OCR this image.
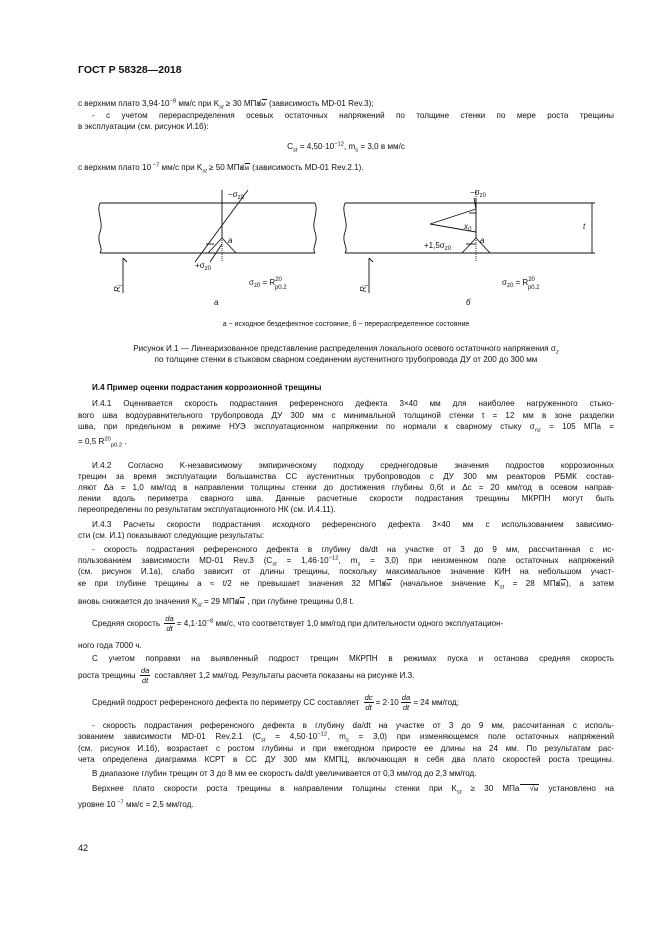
ГОСТ Р 58328—2018

с верхним плато $3,94\cdot 10^{-8}$ мм/с при $K_{st} \ge 30$ МПа√ м (зависимость MD-01 Rev.3);

- с учетом перераспределения осевых остаточных напряжений по толщине стенки по мере роста трещины

в эксплуатации (см. рисунок И.1б):

$C_{st} = 4,50\cdot 10^{-12}$, $m_s = 3,0$ в мм/с

с верхним плато 10 $^{-7}$ мм/с при $K_{st} \ge 50$ МПа√ м (зависимость MD-01 Rev.2.1).

$-\sigma_{z0}$
a
$+\sigma_{z0}$
$R_i$	$\sigma_{z0} = R^{20}$ p0.2
а
$-\sigma_{z0}$
$x_0$
$+1,5\sigma_{z0}$
a
$R_i$	$\sigma_{z0} = R^{20}$ p0.2
б
t
а − исходное бездефектное состояние, б − перераспределенное состояние
Рисунок И.1 — Линеаризованное представление распределения локального осевого остаточного напряжения $\sigma_z$
по толщине стенки в стыковом сварном соединении аустенитного трубопровода ДУ от 200 до 300 мм

И.4 Пример оценки подрастания коррозионной трещины

И.4.1 Оценивается скорость подрастания референсного дефекта 3×40 мм для наиболее нагруженного стыко-

вого шва водоуравнительного трубопровода ДУ 300 мм с минимальной толщиной стенки t = 12 мм в зоне разделки

шва, при предельном в режиме НУЭ эксплуатационном напряжении по нормали к сварному стыку $\sigma_{nz} = 105$ МПа =

= 0,5 $R^{20}_{p0.2}$ .

И.4.2 Согласно K-независимому эмпирическому подходу среднегодовые значения подростов коррозионных

трещин за время эксплуатации большинства СС аустенитных трубопроводов с ДУ 300 мм реакторов РБМК состав-

ляют Δa = 1,0 мм/год в направлении толщины стенки до достижения глубины 0,6t и Δc = 20 мм/год в осевом направ-

лении вдоль периметра сварного шва. Данные расчетные скорости подрастания трещины МКРПН могут быть

переопределены по результатам эксплуатационного НК (см. И.4.11).

И.4.3 Расчеты скорости подрастания исходного референсного дефекта 3×40 мм с использованием зависимо-

сти (см. И.1) показывают следующие результаты:

- скорость подрастания референсного дефекта в глубину da/dt на участке от 3 до 9 мм, рассчитанная с ис-

пользованием зависимости MD-01 Rev.3 ($C_{st} = 1,46\cdot 10^{-12}$, $m_s = 3,0$) при неизменном поле остаточных напряжений

(см. рисунок И.1а), слабо зависит от длины трещины, поскольку максимальное значение КИН на небольшом участ-

ке при глубине трещины a ≈ t/2 не превышает значения 32 МПа√ м (начальное значение $K_{st} = 28$ МПа√ м), а затем

вновь снижается до значения $K_{st} = 29$ МПа√ м , при глубине трещины 0,8 t.

Средняя скорость $\frac{da}{dt} = 4,1\cdot 10^{-8}$ мм/с, что соответствует 1,0 мм/год при длительности одного эксплуатацион-

ного года 7000 ч.

С учетом поправки на выявленный подрост трещин МКРПН в режимах пуска и останова средняя скорость

роста трещины $\frac{da}{dt}$ составляет 1,2 мм/год. Результаты расчета показаны на рисунке И.3.

Средний подрост референсного дефекта по периметру СС составляет $\frac{dc}{dt} = 2\cdot 10 \frac{da}{dt} = 24$ мм/год;

- скорость подрастания референсного дефекта в глубину da/dt на участке от 3 до 9 мм, рассчитанная с исполь-

зованием зависимости MD-01 Rev.2.1 ($C_{st} = 4,50\cdot 10^{-12}$, $m_s = 3,0$) при изменяющемся поле остаточных напряжений

(см. рисунок И.1б), возрастает с ростом глубины и при ежегодном приросте ее длины на 24 мм. По результатам рас-

чета определена диаграмма КСРТ в СС ДУ 300 мм КМПЦ, включающая в себя два плато скоростей роста трещины.

В диапазоне глубин трещин от 3 до 8 мм ее скорость da/dt увеличивается от 0,3 мм/год до 2,3 мм/год.

Верхнее плато скорости роста трещины в направлении толщины стенки при $K_{st} \ge 30$ МПа√ м установлено на

уровне 10 $^{-7}$ мм/с = 2,5 мм/год.

42
